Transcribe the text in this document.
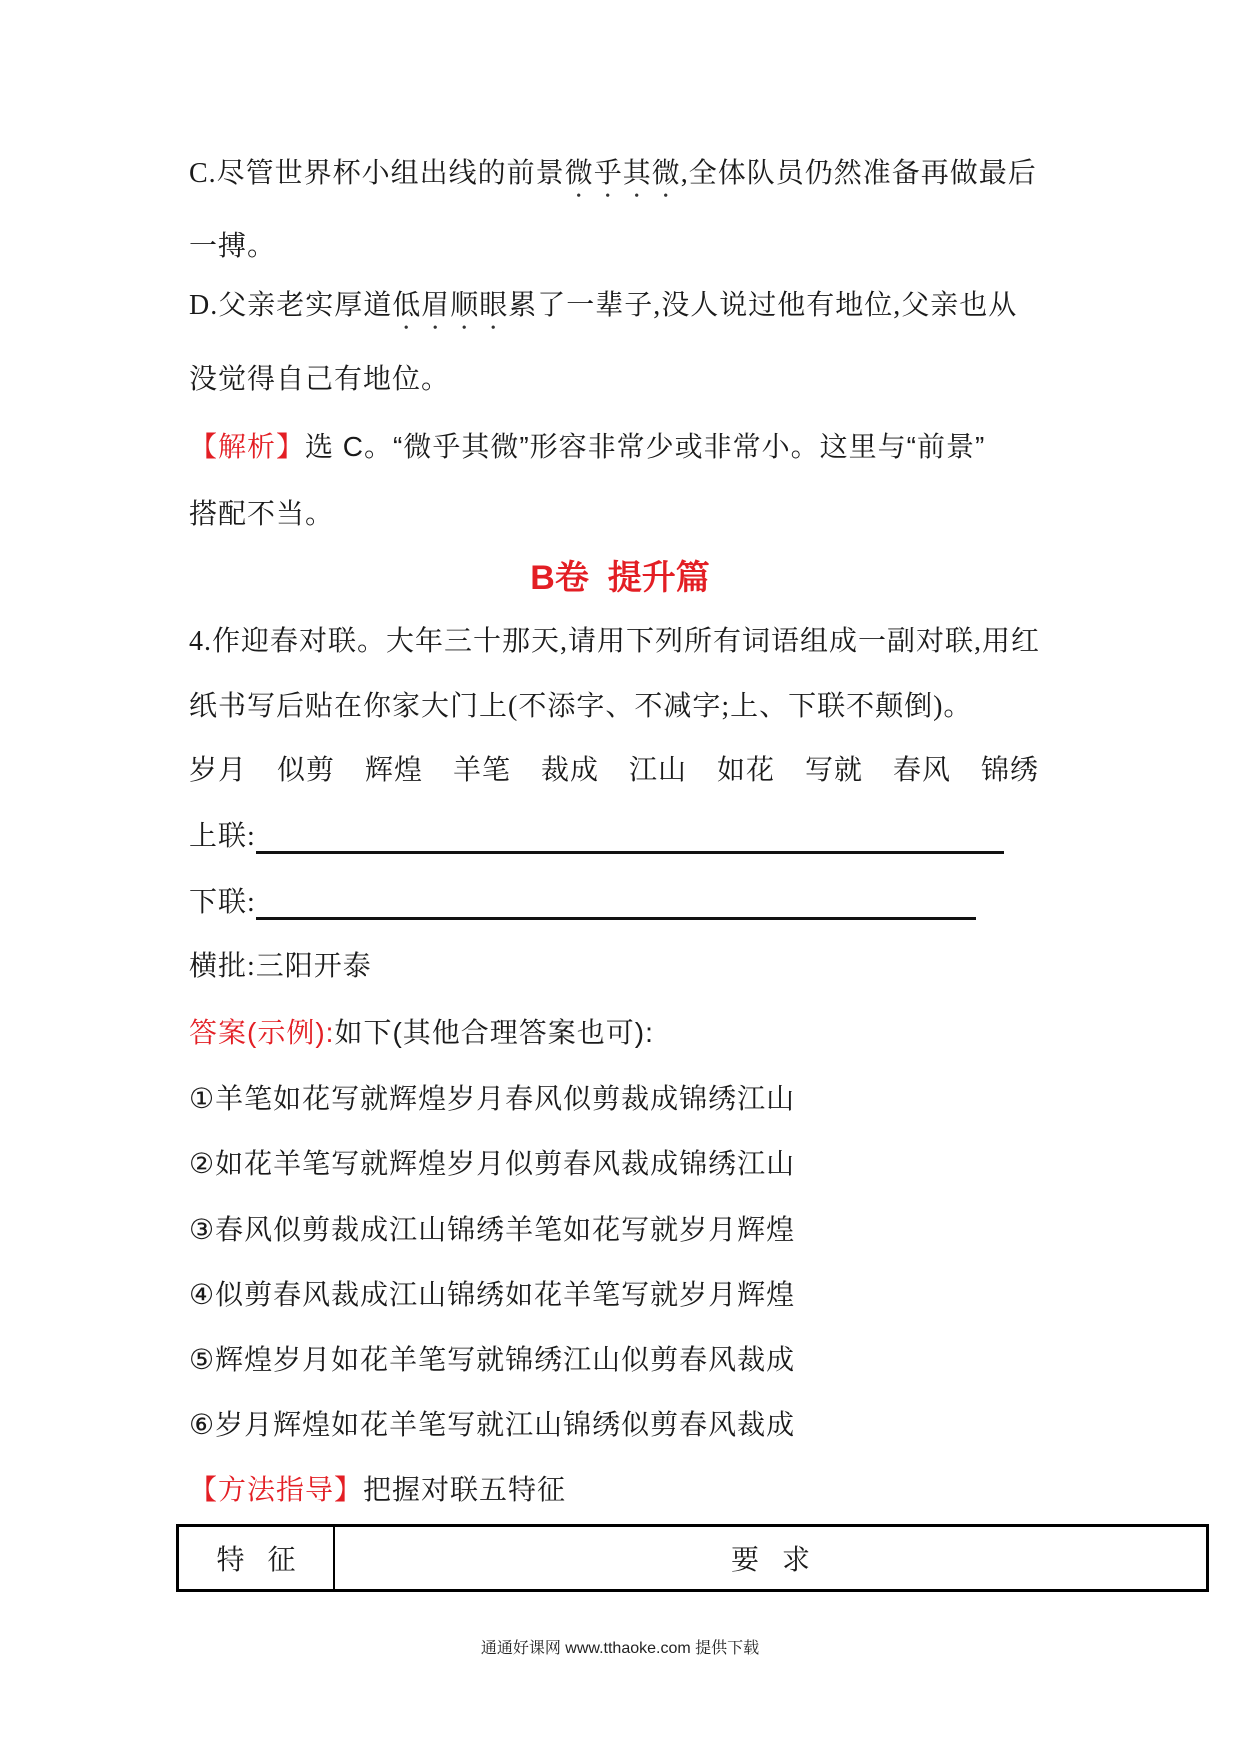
C.尽管世界杯小组出线的前景微乎其微,全体队员仍然准备再做最后
一搏。
D.父亲老实厚道低眉顺眼累了一辈子,没人说过他有地位,父亲也从
没觉得自己有地位。
【解析】选 C。“微乎其微”形容非常少或非常小。这里与“前景”
搭配不当。
B卷  提升篇
4.作迎春对联。大年三十那天,请用下列所有词语组成一副对联,用红
纸书写后贴在你家大门上(不添字、不减字;上、下联不颠倒)。
岁月	似剪	辉煌	羊笔	裁成	江山	如花	写就	春风	锦绣
上联:
下联:
横批:三阳开泰
答案(示例):如下(其他合理答案也可):
①羊笔如花写就辉煌岁月春风似剪裁成锦绣江山
②如花羊笔写就辉煌岁月似剪春风裁成锦绣江山
③春风似剪裁成江山锦绣羊笔如花写就岁月辉煌
④似剪春风裁成江山锦绣如花羊笔写就岁月辉煌
⑤辉煌岁月如花羊笔写就锦绣江山似剪春风裁成
⑥岁月辉煌如花羊笔写就江山锦绣似剪春风裁成
【方法指导】把握对联五特征
特 征	要 求
通通好课网 www.tthaoke.com 提供下载
